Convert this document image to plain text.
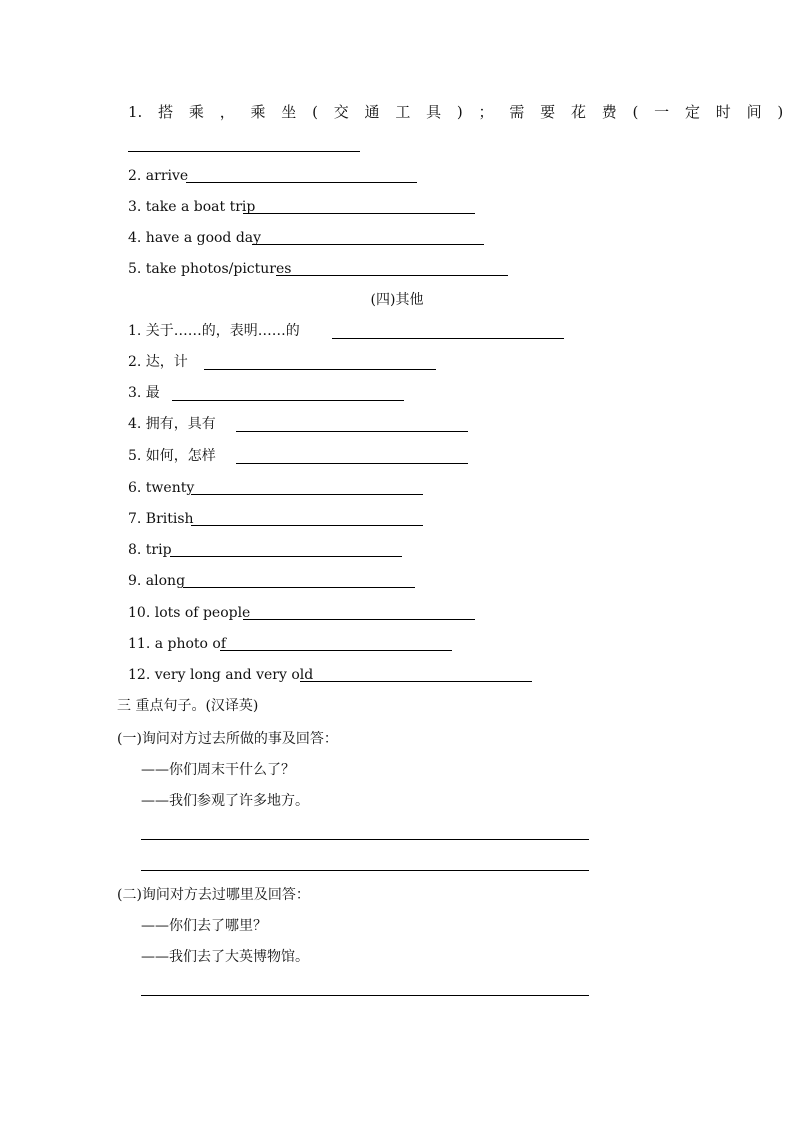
1. 搭 乘 ， 乘 坐 ( 交 通 工 具 ) ； 需 要 花 费 ( 一 定 时 间 )
2. arrive
3. take a boat trip
4. have a good day
5. take photos/pictures
(四)其他
1. 关于……的，表明……的
2. 达，计
3. 最
4. 拥有，具有
5. 如何，怎样
6. twenty
7. British
8. trip
9. along
10. lots of people
11. a photo of
12. very long and very old
三 重点句子。(汉译英)
(一)询问对方过去所做的事及回答：
——你们周末干什么了？
——我们参观了许多地方。
(二)询问对方去过哪里及回答：
——你们去了哪里？
——我们去了大英博物馆。
